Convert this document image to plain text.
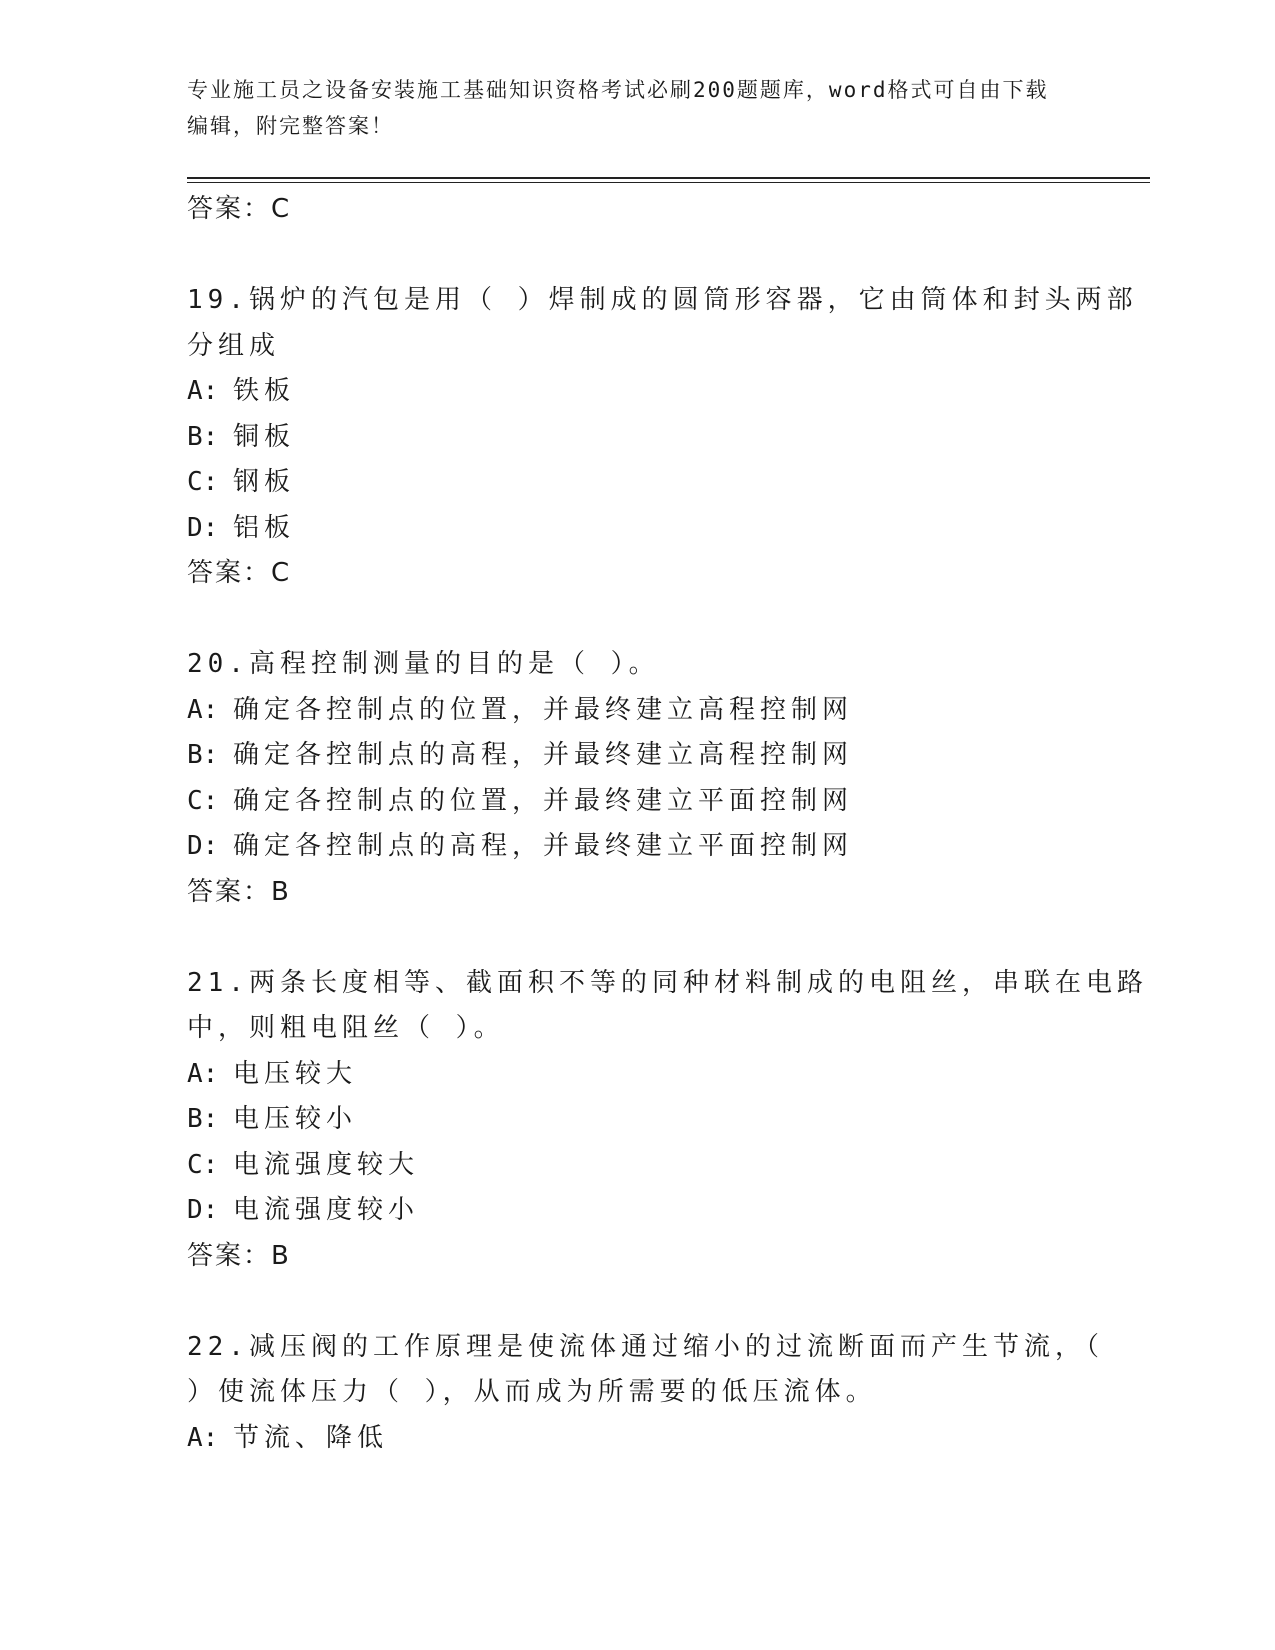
专业施工员之设备安装施工基础知识资格考试必刷200题题库，word格式可自由下载编辑，附完整答案！
答案：C
19.锅炉的汽包是用（ ）焊制成的圆筒形容器，它由筒体和封头两部
分组成
A: 铁板
B: 铜板
C: 钢板
D: 铝板
答案：C
20.高程控制测量的目的是（ ）。
A: 确定各控制点的位置，并最终建立高程控制网
B: 确定各控制点的高程，并最终建立高程控制网
C: 确定各控制点的位置，并最终建立平面控制网
D: 确定各控制点的高程，并最终建立平面控制网
答案：B
21.两条长度相等、截面积不等的同种材料制成的电阻丝，串联在电路
中，则粗电阻丝（ ）。
A: 电压较大
B: 电压较小
C: 电流强度较大
D: 电流强度较小
答案：B
22.减压阀的工作原理是使流体通过缩小的过流断面而产生节流，（
）使流体压力（ ），从而成为所需要的低压流体。
A: 节流、降低
